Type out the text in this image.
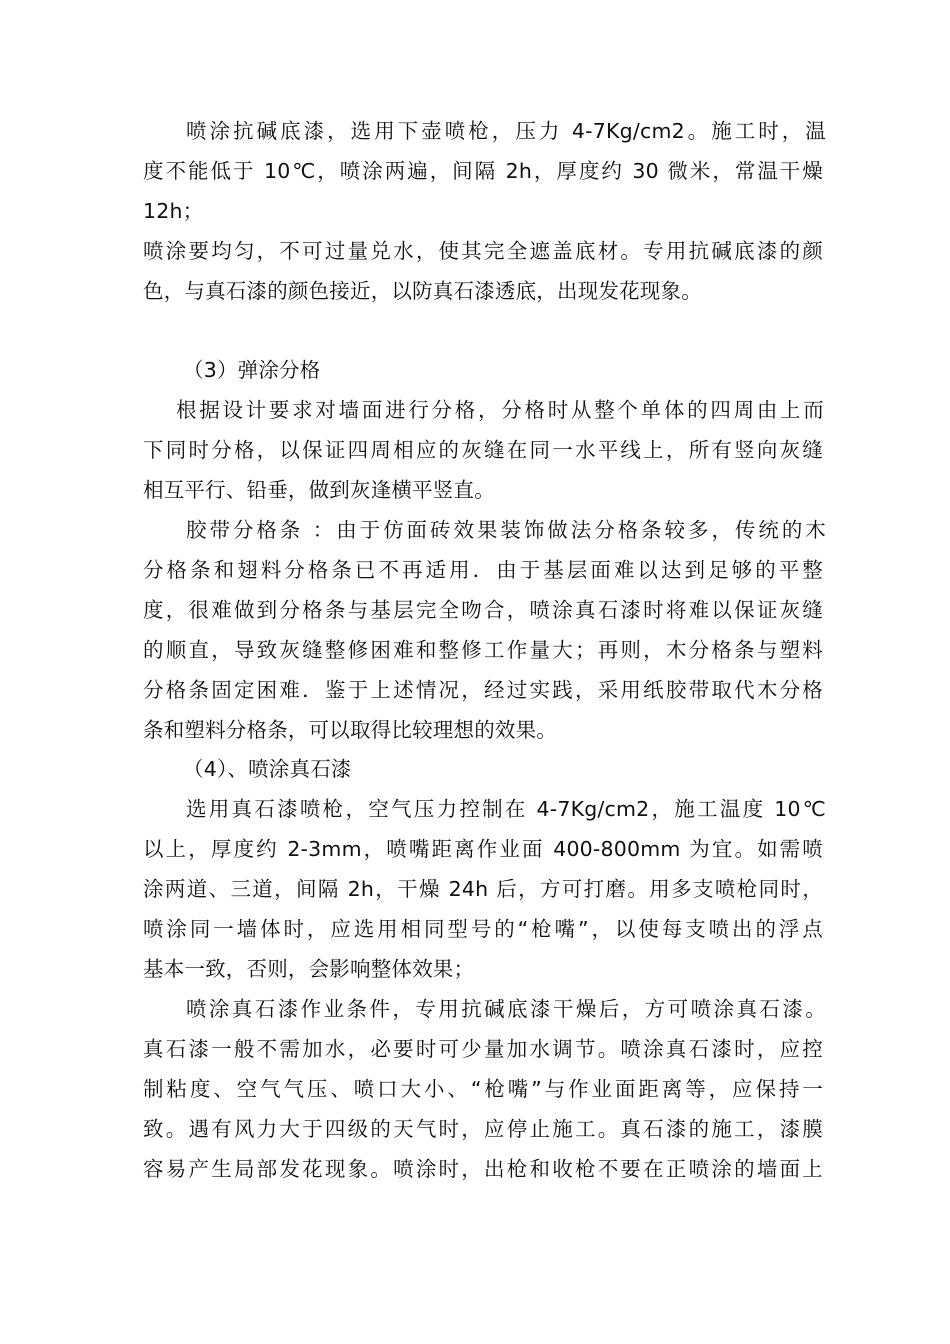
喷涂抗碱底漆，选用下壶喷枪，压力 4-7Kg/cm2。施工时，温
度不能低于 10℃，喷涂两遍，间隔 2h，厚度约 30 微米，常温干燥
12h；
喷涂要均匀，不可过量兑水，使其完全遮盖底材。专用抗碱底漆的颜
色，与真石漆的颜色接近，以防真石漆透底，出现发花现象。
（3）弹涂分格
根据设计要求对墙面进行分格，分格时从整个单体的四周由上而
下同时分格，以保证四周相应的灰缝在同一水平线上，所有竖向灰缝
相互平行、铅垂，做到灰逢横平竖直。
胶带分格条 ：由于仿面砖效果装饰做法分格条较多，传统的木
分格条和翅料分格条已不再适用．由于基层面难以达到足够的平整
度，很难做到分格条与基层完全吻合，喷涂真石漆时将难以保证灰缝
的顺直，导致灰缝整修困难和整修工作量大；再则，木分格条与塑料
分格条固定困难．鉴于上述情况，经过实践，采用纸胶带取代木分格
条和塑料分格条，可以取得比较理想的效果。
（4）、喷涂真石漆
选用真石漆喷枪，空气压力控制在 4-7Kg/cm2，施工温度 10℃
以上，厚度约 2-3mm，喷嘴距离作业面 400-800mm 为宜。如需喷
涂两道、三道，间隔 2h，干燥 24h 后，方可打磨。用多支喷枪同时，
喷涂同一墙体时，应选用相同型号的“枪嘴”，以使每支喷出的浮点
基本一致，否则，会影响整体效果；
喷涂真石漆作业条件，专用抗碱底漆干燥后，方可喷涂真石漆。
真石漆一般不需加水，必要时可少量加水调节。喷涂真石漆时，应控
制粘度、空气气压、喷口大小、“枪嘴”与作业面距离等，应保持一
致。遇有风力大于四级的天气时，应停止施工。真石漆的施工，漆膜
容易产生局部发花现象。喷涂时，出枪和收枪不要在正喷涂的墙面上
